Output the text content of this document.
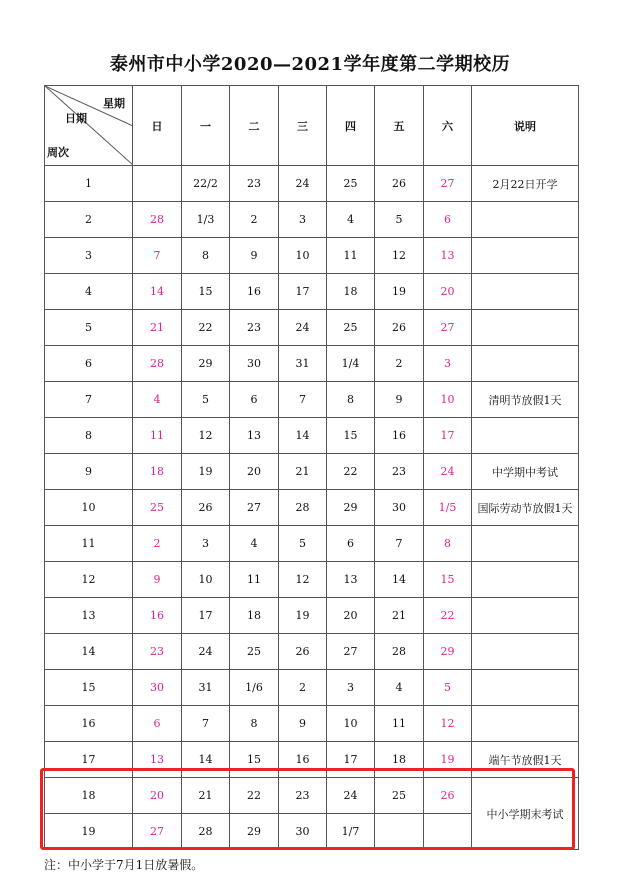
泰州市中小学2020—2021学年度第二学期校历
星期
日期
周次	日	一	二	三	四	五	六	说明
1		22/2	23	24	25	26	27	2月22日开学
2	28	1/3	2	3	4	5	6	
3	7	8	9	10	11	12	13	
4	14	15	16	17	18	19	20	
5	21	22	23	24	25	26	27	
6	28	29	30	31	1/4	2	3	
7	4	5	6	7	8	9	10	清明节放假1天
8	11	12	13	14	15	16	17	
9	18	19	20	21	22	23	24	中学期中考试
10	25	26	27	28	29	30	1/5	国际劳动节放假1天
11	2	3	4	5	6	7	8	
12	9	10	11	12	13	14	15	
13	16	17	18	19	20	21	22	
14	23	24	25	26	27	28	29	
15	30	31	1/6	2	3	4	5	
16	6	7	8	9	10	11	12	
17	13	14	15	16	17	18	19	端午节放假1天
18	20	21	22	23	24	25	26	中小学期末考试
19	27	28	29	30	1/7			
注：中小学于7月1日放暑假。
